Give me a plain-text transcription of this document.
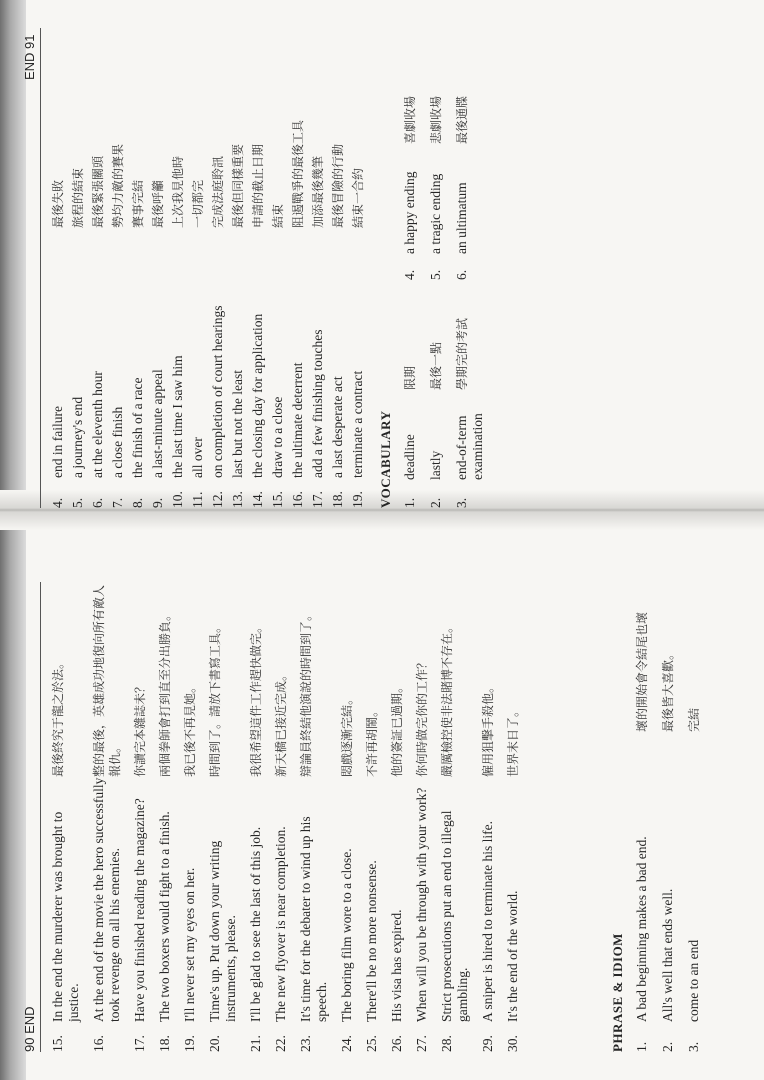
90 END 15.
In the end the murderer was brought to justice.
最後終究于龍之於法。
16.
At the end of the movie the hero successfully took revenge on all his enemies.
整的最後，英雄成功地復向所有敵人報仇。
17.
Have you finished reading the magazine?
你讀完本雜誌未？
18.
The two boxers would fight to a finish.
兩個拳師會打到直至分出勝負。
19.
I'll never set my eyes on her.
我已後不再見她。
20.
Time's up. Put down your writing instruments, please.
時間到了。請放下書寫工具。
21.
I'll be glad to see the last of this job.
我很希望這件工作趕快做完。
22.
The new flyover is near completion.
新天橋已接近完成。
23.
It's time for the debater to wind up his speech.
辯論員終結他演說的時間到了。
24.
The boring film wore to a close.
悶戲逐漸完結。
25.
There'll be no more nonsense.
不許再胡鬧。
26.
His visa has expired.
他的簽証已過期。
27.
When will you be through with your work?
你何時做完你的工作？
28.
Strict prosecutions put an end to illegal gambling.
嚴厲檢控使非法賭博不存在。
29.
A sniper is hired to terminate his life.
僱用狙擊手殺他。
30.
It's the end of the world.
世界末日了。
PHRASE & IDIOM 1.
A bad beginning makes a bad end.
壞的開始會令結尾也壞
2.
All's well that ends well.
最後皆大喜歡。
3.
come to an end
完結
END 91
4.
end in failure
最後失敗
5.
a journey's end
旅程的結束
6.
at the eleventh hour
最後緊張關頭
7.
a close finish
勢均力敵的賽果
8.
the finish of a race
賽事完結
9.
a last-minute appeal
最後呼籲
10.
the last time I saw him
上次我見他時
11.
all over
一切都完
12.
on completion of court hearings
完成法庭聆訊
13.
last but not the least
最後但同樣重要
14.
the closing day for application
申請的截止日期
15.
draw to a close
結束
16.
the ultimate deterrent
阻遏戰爭的最後工具
17.
add a few finishing touches
加添最後幾筆
18.
a last desperate act
最後冒險的行動
19.
terminate a contract
結束一合約
VOCABULARY 1.
deadline
限期
4.
a happy ending
喜劇收場
2.
lastly
最後一點
5.
a tragic ending
悲劇收場
3.
end-of-term examination
學期完的考試
6.
an ultimatum
最後通牒
